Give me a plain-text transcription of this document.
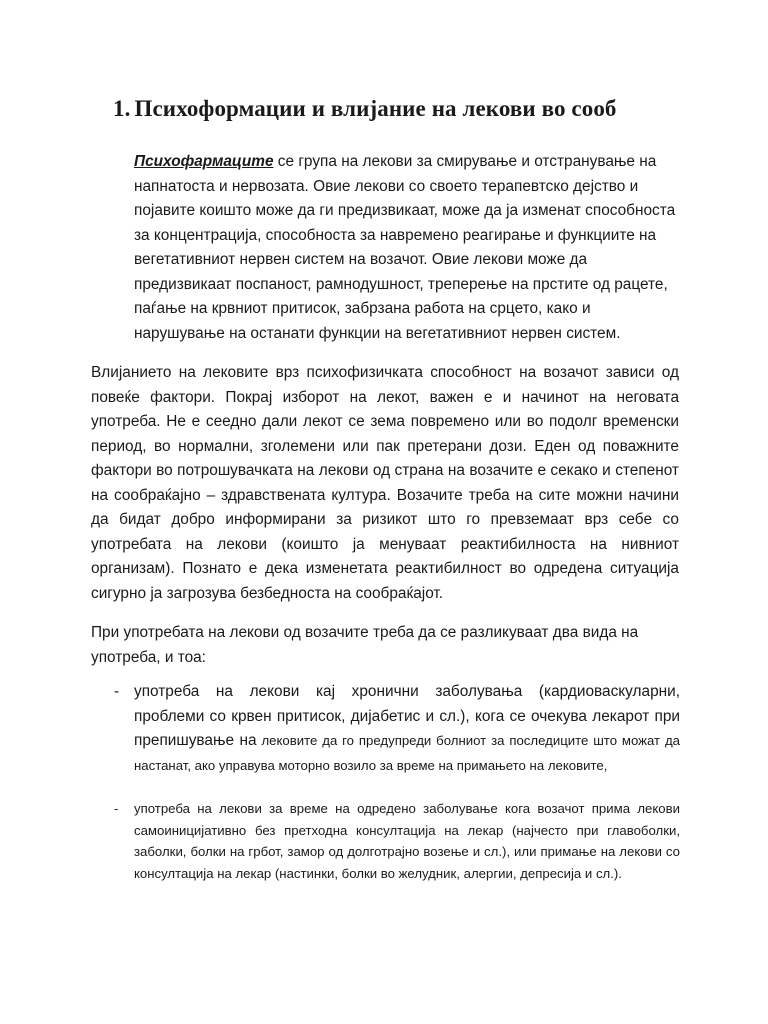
1. Психоформации и влијание на лекови во сооб

Психофармацитe се група на лекови за смирување и отстранување на напнатоста и нервозата. Овие лекови со своето терапевтско дејство и појавите коишто може да ги предизвикаат, може да ја изменат способноста за концентрација, способноста за навремено реагирање и функциите на вегетативниот нервен систем на возачот. Овие лекови може да предизвикаат поспаност, рамнодушност, треперење на прстите од рацете, паѓање на крвниот притисок, забрзана работа на срцето, како и нарушување на останати функции на вегетативниот нервен систем.

Влијанието на лековите врз психофизичката способност на возачот зависи од повеќе фактори. Покрај изборот на лекот, важен е и начинот на неговата употреба. Не е сеедно дали лекот се зема повремено или во подолг временски период, во нормални, зголемени или пак претерани дози. Еден од поважните фактори во потрошувачката на лекови од страна на возачите е секако и степенот на сообраќајно – здравствената култура. Возачите треба на сите можни начини да бидат добро информирани за ризикот што го превземаат врз себе со употребата на лекови (коишто ја менуваат реактибилноста на нивниот организам). Познато е дека изменетата реактибилност во одредена ситуација сигурно ја загрозува безбедноста на сообраќајот.

При употребата на лекови од возачите треба да се разликуваат два вида на употреба, и тоа:

- употреба на лекови кај хронични заболувања (кардиоваскуларни, проблеми со крвен притисок, дијабетис и сл.), кога се очекува лекарот при препишување на лековите да го предупреди болниот за последиците што можат да настанат, ако управува моторно возило за време на примањето на лековите,
- употреба на лекови за време на одредено заболување кога возачот прима лекови самоиницијативно без претходна консултација на лекар (најчесто при главоболки, заболки, болки на грбот, замор од долготрајно возење и сл.), или примање на лекови со консултација на лекар (настинки, болки во желудник, алергии, депресија и сл.).
